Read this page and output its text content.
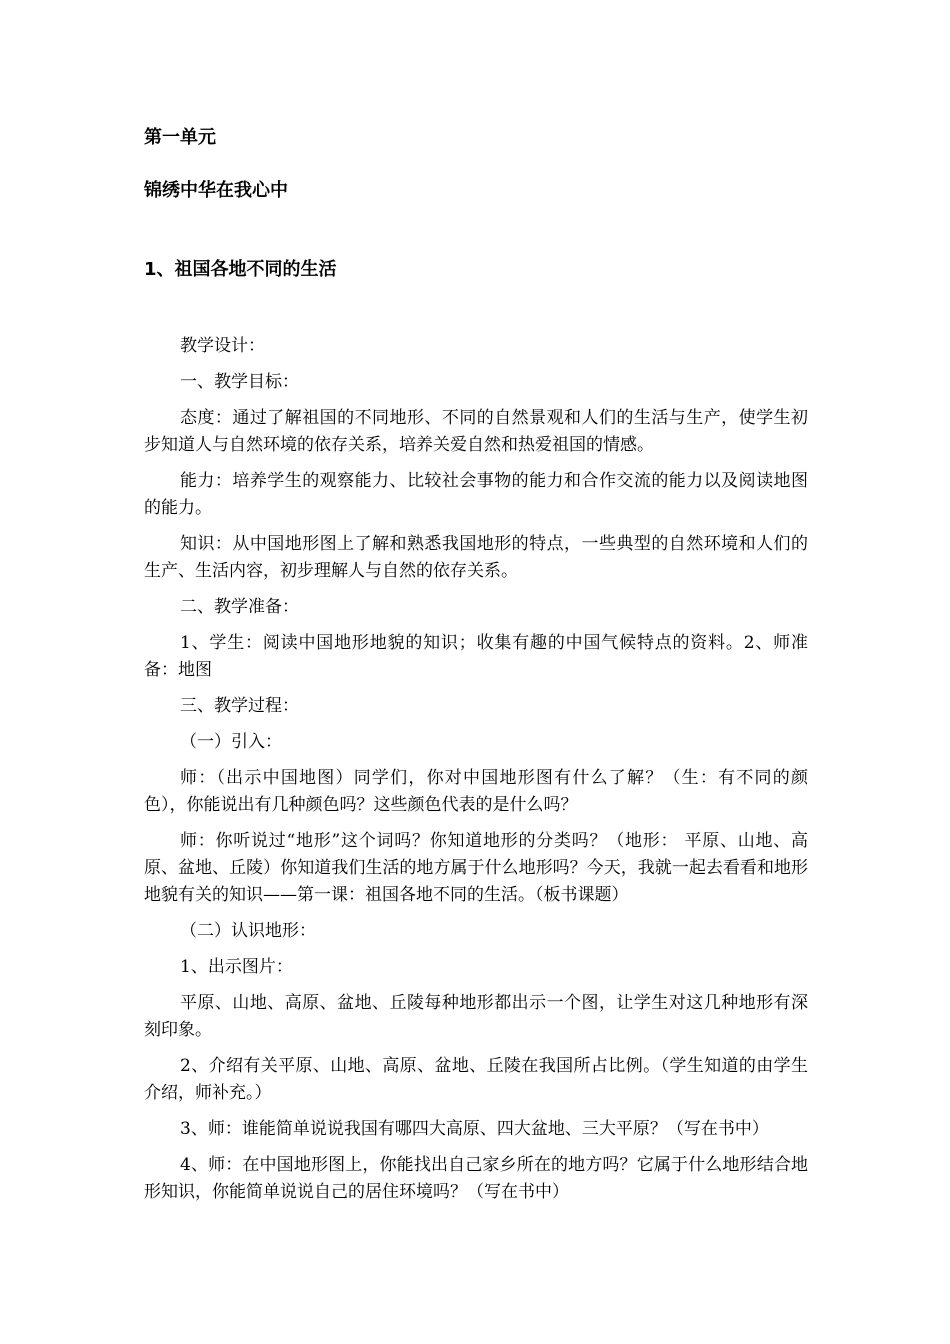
第一单元
锦绣中华在我心中
1、祖国各地不同的生活

教学设计：

一、教学目标：

态度：通过了解祖国的不同地形、不同的自然景观和人们的生活与生产，使学生初步知道人与自然环境的依存关系，培养关爱自然和热爱祖国的情感。

能力：培养学生的观察能力、比较社会事物的能力和合作交流的能力以及阅读地图的能力。

知识：从中国地形图上了解和熟悉我国地形的特点，一些典型的自然环境和人们的生产、生活内容，初步理解人与自然的依存关系。

二、教学准备：

1、学生：阅读中国地形地貌的知识；收集有趣的中国气候特点的资料。2、师准备：地图

三、教学过程：

（一）引入：

师：（出示中国地图）同学们，你对中国地形图有什么了解？（生：有不同的颜色），你能说出有几种颜色吗？这些颜色代表的是什么吗？

师：你听说过“地形”这个词吗？你知道地形的分类吗？（地形： 平原、山地、高原、盆地、丘陵）你知道我们生活的地方属于什么地形吗？今天，我就一起去看看和地形地貌有关的知识——第一课：祖国各地不同的生活。（板书课题）

（二）认识地形：

1、出示图片：

平原、山地、高原、盆地、丘陵每种地形都出示一个图，让学生对这几种地形有深刻印象。

2、介绍有关平原、山地、高原、盆地、丘陵在我国所占比例。（学生知道的由学生介绍，师补充。）

3、师：谁能简单说说我国有哪四大高原、四大盆地、三大平原？（写在书中）

4、师：在中国地形图上，你能找出自己家乡所在的地方吗？它属于什么地形结合地形知识，你能简单说说自己的居住环境吗？（写在书中）
